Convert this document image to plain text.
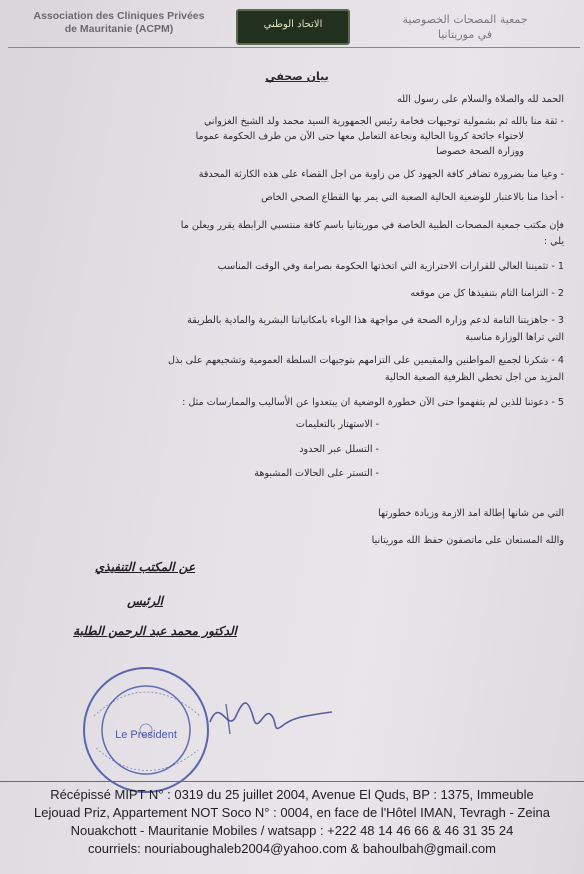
Association des Cliniques Privées
de Mauritanie (ACPM)	الاتحاد الوطني	جمعية المصحات الخصوصية
في موريتانيا
بيان صحفي
الحمد لله والصلاة والسلام على رسول الله
- ثقة منا بالله ثم بشمولية توجيهات فخامة رئيس الجمهورية السيد محمد ولد الشيخ الغزواني
لاحتواء جائحة كرونا الحالية ونجاعة التعامل معها حتى الآن من طرف الحكومة عموما
ووزارة الصحة خصوصا
- وعيا منا بضرورة تضافر كافة الجهود كل من زاوية من اجل القضاء على هذه الكارثة المحدقة
- أخذا منا بالاعتبار للوضعية الحالية الصعبة التي يمر بها القطاع الصحي الخاص
فإن مكتب جمعية المصحات الطبية الخاصة في موريتانيا باسم كافة منتسبي الرابطة يقرر ويعلن ما
يلي :
1 - تثميننا العالي للقرارات الاحترازية التي اتخذتها الحكومة بصرامة وفي الوقت المناسب
2 - التزامنا التام بتنفيذها كل من موقعه
3 - جاهزيتنا التامة لدعم وزارة الصحة في مواجهة هذا الوباء بامكانياتنا البشرية والمادية بالطريقة
التي تراها الوزارة مناسبة
4 - شكرنا لجميع المواطنين والمقيمين على التزامهم بتوجيهات السلطة العمومية وتشجيعهم على بذل
المزيد من اجل تخطي الظرفية الصعبة الحالية
5 - دعوتنا للذين لم يتفهموا حتى الآن خطورة الوضعية ان يبتعدوا عن الأساليب والممارسات مثل :
- الاستهتار بالتعليمات
- التسلل عبر الحدود
- التستر على الحالات المشبوهة
التي من شانها إطالة امد الازمة وزيادة خطورتها
والله المستعان على ماتصفون حفظ الله موريتانيا
عن المكتب التنفيذي
الرئيس
الدكتور محمد عبد الرحمن الطلبة
Le President
Récépissé MIPT N° : 0319 du 25 juillet 2004, Avenue El Quds, BP : 1375, Immeuble
Lejouad Priz, Appartement NOT Soco N° : 0004, en face de l'Hôtel IMAN, Tevragh - Zeina
Nouakchott - Mauritanie Mobiles / watsapp : +222 48 14 46 66 & 46 31 35 24
courriels: nouriaboughaleb2004@yahoo.com & bahoulbah@gmail.com
